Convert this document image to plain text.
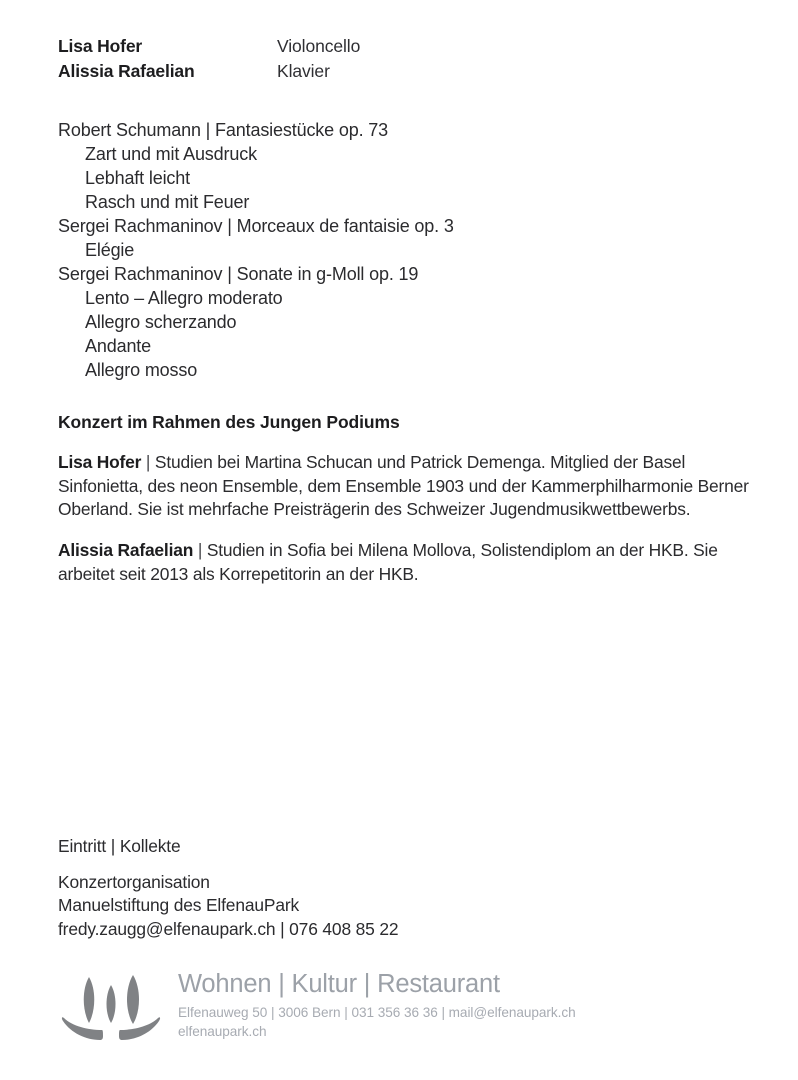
Lisa Hofer	Violoncello
Alissia Rafaelian	Klavier
Robert Schumann | Fantasiestücke op. 73
Zart und mit Ausdruck
Lebhaft leicht
Rasch und mit Feuer
Sergei Rachmaninov | Morceaux de fantaisie op. 3
Elégie
Sergei Rachmaninov | Sonate in g-Moll op. 19
Lento – Allegro moderato
Allegro scherzando
Andante
Allegro mosso
Konzert im Rahmen des Jungen Podiums

Lisa Hofer | Studien bei Martina Schucan und Patrick Demenga. Mitglied der Basel Sinfonietta, des neon Ensemble, dem Ensemble 1903 und der Kammerphilharmonie Berner Oberland. Sie ist mehrfache Preisträgerin des Schweizer Jugendmusikwettbewerbs.

Alissia Rafaelian | Studien in Sofia bei Milena Mollova, Solistendiplom an der HKB. Sie arbeitet seit 2013 als Korrepetitorin an der HKB.

Eintritt | Kollekte
Konzertorganisation
Manuelstiftung des ElfenauPark
fredy.zaugg@elfenaupark.ch | 076 408 85 22
Wohnen | Kultur | Restaurant
Elfenauweg 50 | 3006 Bern | 031 356 36 36 | mail@elfenaupark.ch
elfenaupark.ch
